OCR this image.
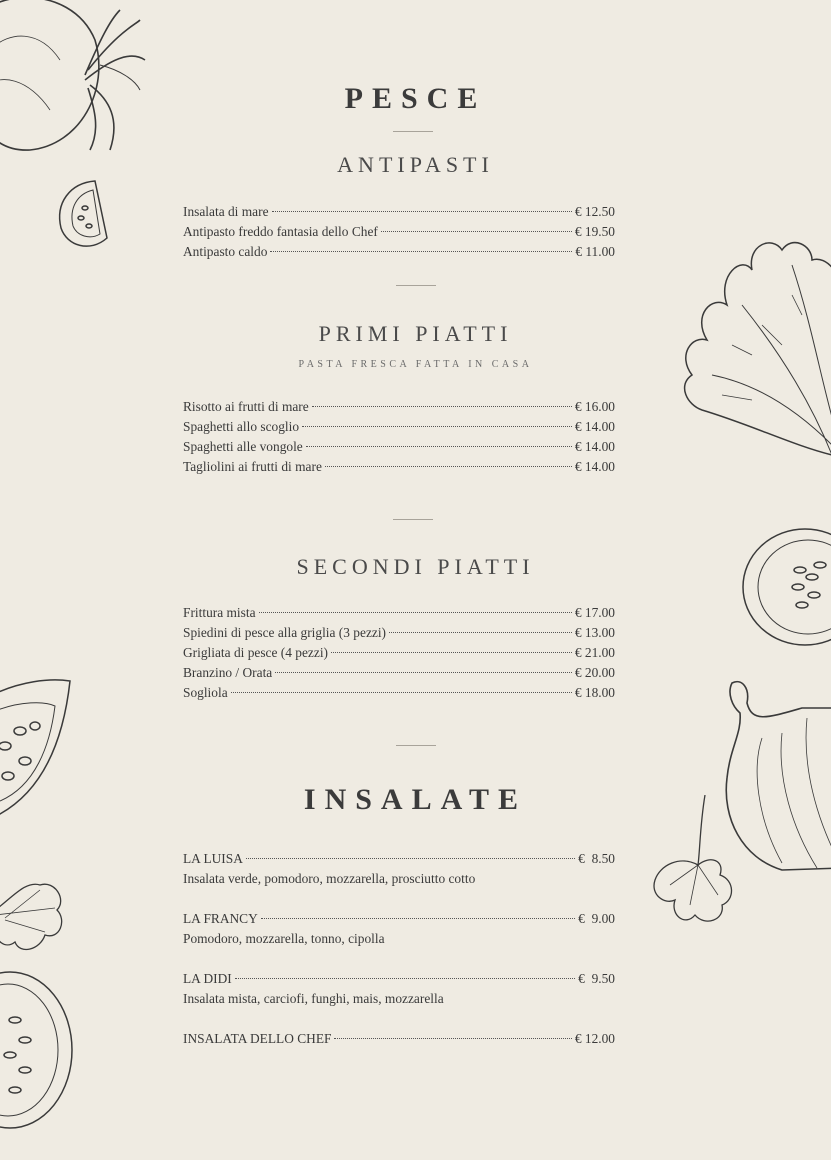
PESCE
ANTIPASTI
Insalata di mare	€ 12.50
Antipasto freddo fantasia dello Chef	€ 19.50
Antipasto caldo	€ 11.00
PRIMI PIATTI
PASTA FRESCA FATTA IN CASA
Risotto ai frutti di mare	€ 16.00
Spaghetti allo scoglio	€ 14.00
Spaghetti alle vongole	€ 14.00
Tagliolini ai frutti di mare	€ 14.00
SECONDI PIATTI
Frittura mista	€ 17.00
Spiedini di pesce alla griglia (3 pezzi)	€ 13.00
Grigliata di pesce (4 pezzi)	€ 21.00
Branzino / Orata	€ 20.00
Sogliola	€ 18.00
INSALATE
LA LUISA	€  8.50
Insalata verde, pomodoro, mozzarella, prosciutto cotto
LA FRANCY	€  9.00
Pomodoro, mozzarella, tonno, cipolla
LA DIDI	€  9.50
Insalata mista, carciofi, funghi, mais, mozzarella
INSALATA DELLO CHEF	€ 12.00
